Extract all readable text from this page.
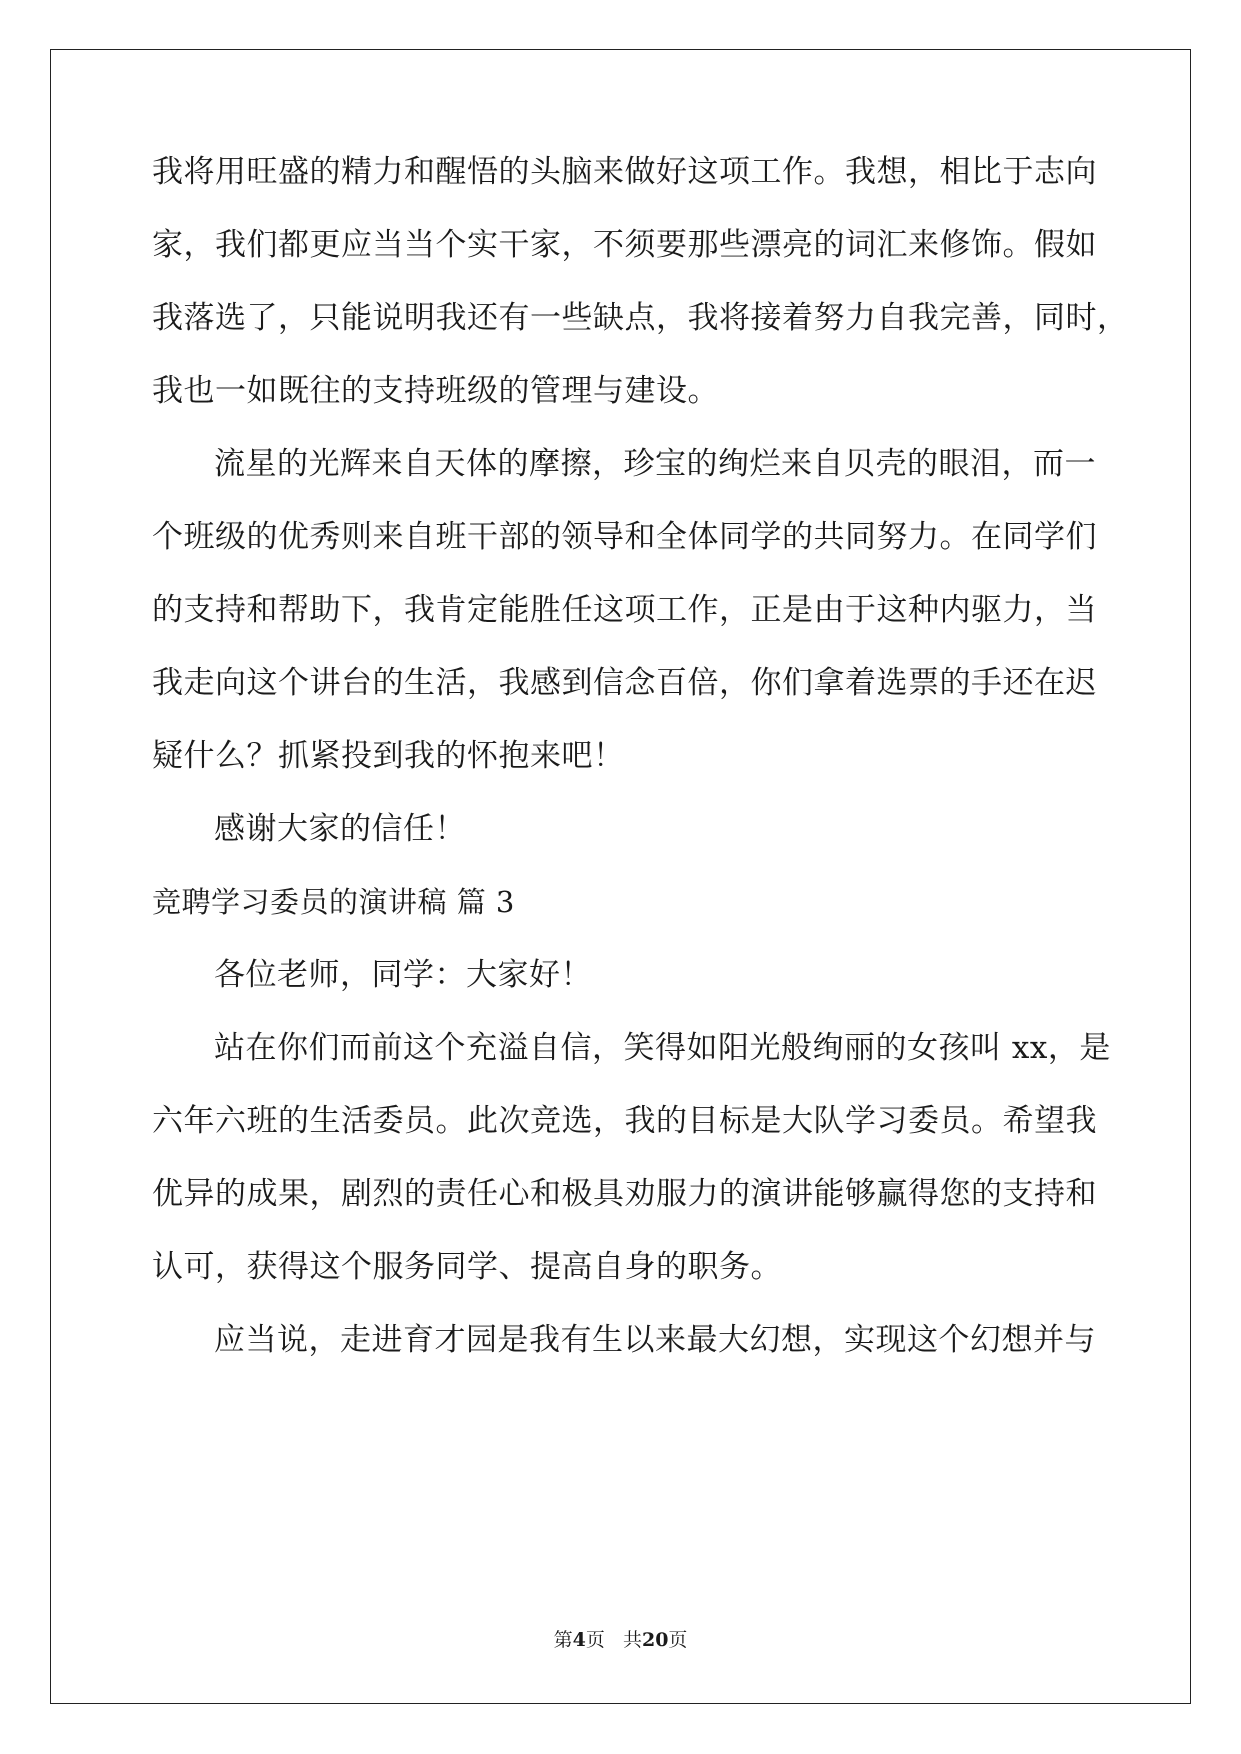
我将用旺盛的精力和醒悟的头脑来做好这项工作。我想，相比于志向
家，我们都更应当当个实干家，不须要那些漂亮的词汇来修饰。假如
我落选了，只能说明我还有一些缺点，我将接着努力自我完善，同时，
我也一如既往的支持班级的管理与建设。
流星的光辉来自天体的摩擦，珍宝的绚烂来自贝壳的眼泪，而一
个班级的优秀则来自班干部的领导和全体同学的共同努力。在同学们
的支持和帮助下，我肯定能胜任这项工作，正是由于这种内驱力，当
我走向这个讲台的生活，我感到信念百倍，你们拿着选票的手还在迟
疑什么？抓紧投到我的怀抱来吧！
感谢大家的信任！
竞聘学习委员的演讲稿 篇 3
各位老师，同学：大家好！
站在你们而前这个充溢自信，笑得如阳光般绚丽的女孩叫 xx，是
六年六班的生活委员。此次竞选，我的目标是大队学习委员。希望我
优异的成果，剧烈的责任心和极具劝服力的演讲能够赢得您的支持和
认可，获得这个服务同学、提高自身的职务。
应当说，走进育才园是我有生以来最大幻想，实现这个幻想并与
第4页 共20页
